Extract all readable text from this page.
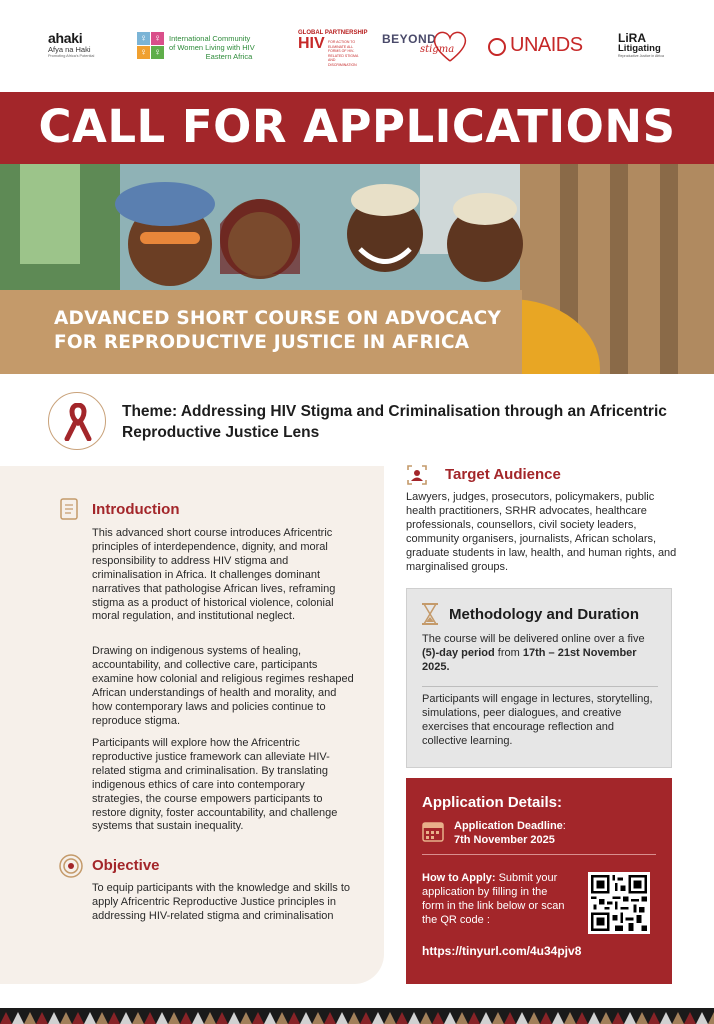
ahaki
Afya na Haki
Promoting Africa's Potential
♀ ♀
♀ ♀
International Community
of Women Living with HIV
Eastern Africa
GLOBAL PARTNERSHIP
HIV FOR ACTION TO ELIMINATE ALL FORMS OF HIV-RELATED STIGMA AND DISCRIMINATION
BEYOND
stigma	UNAIDS	LiRA
Litigating
Reproductive Justice in Africa
CALL FOR APPLICATIONS
ADVANCED SHORT COURSE ON ADVOCACY FOR REPRODUCTIVE JUSTICE IN AFRICA
Theme: Addressing HIV Stigma and Criminalisation through an Africentric Reproductive Justice Lens
Introduction
This advanced short course introduces Africentric principles of interdependence, dignity, and moral responsibility to address HIV stigma and criminalisation in Africa. It challenges dominant narratives that pathologise African lives, reframing stigma as a product of historical violence, colonial moral regulation, and institutional neglect.
Drawing on indigenous systems of healing, accountability, and collective care, participants examine how colonial and religious regimes reshaped African understandings of health and morality, and how contemporary laws and policies continue to reproduce stigma.
Participants will explore how the Africentric reproductive justice framework can alleviate HIV-related stigma and criminalisation. By translating indigenous ethics of care into contemporary strategies, the course empowers participants to restore dignity, foster accountability, and challenge systems that sustain inequality.
Objective
To equip participants with the knowledge and skills to apply Africentric Reproductive Justice principles in addressing HIV-related stigma and criminalisation
Target Audience
Lawyers, judges, prosecutors, policymakers, public health practitioners, SRHR advocates, healthcare professionals, counsellors, civil society leaders, community organisers, journalists, African scholars, graduate students in law, health, and human rights, and marginalised groups.
Methodology and Duration
The course will be delivered online over a five (5)-day period from 17th – 21st November 2025.
Participants will engage in lectures, storytelling, simulations, peer dialogues, and creative exercises that encourage reflection and collective learning.
Application Details:
Application Deadline:
7th November 2025
How to Apply: Submit your application by filling in the form in the link below or scan the QR code :
https://tinyurl.com/4u34pjv8
